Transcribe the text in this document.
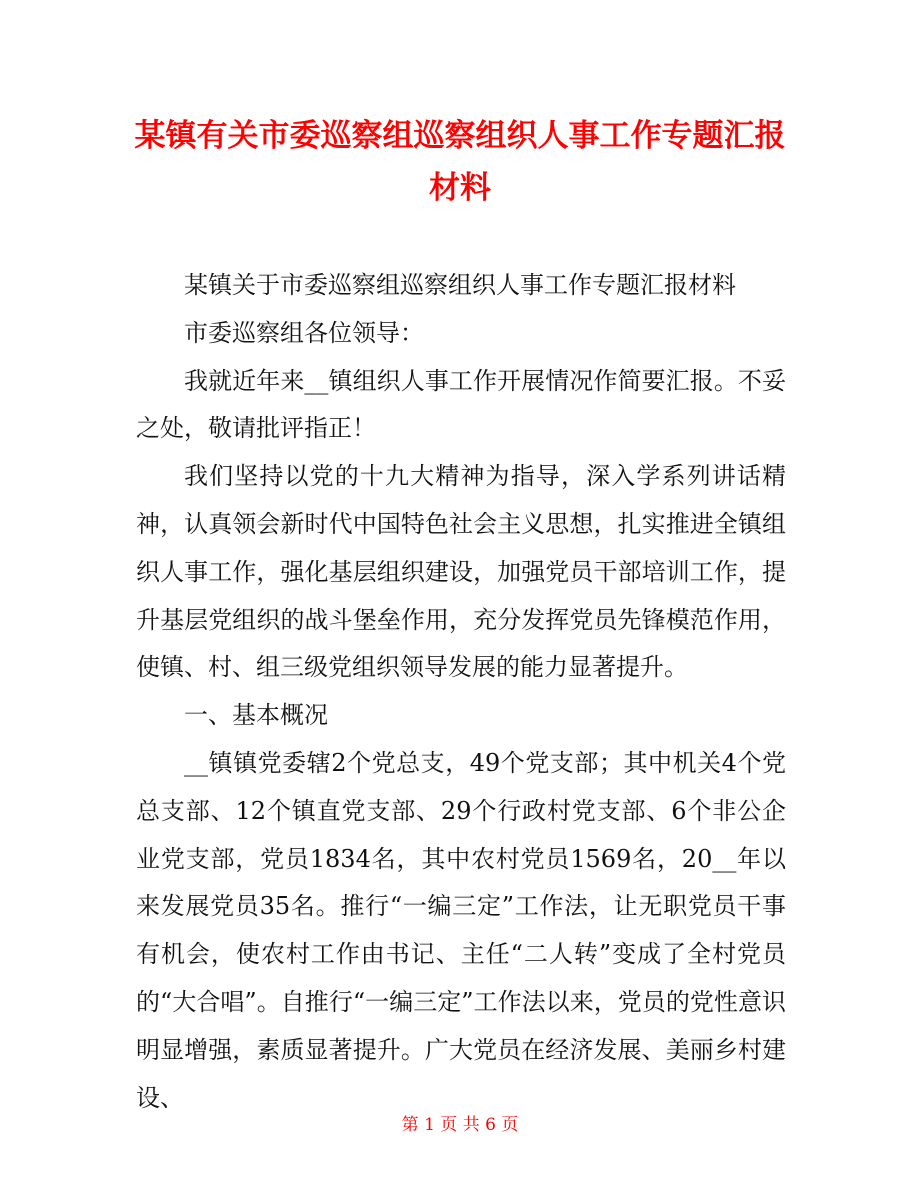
某镇有关市委巡察组巡察组织人事工作专题汇报材料

某镇关于市委巡察组巡察组织人事工作专题汇报材料

市委巡察组各位领导：

我就近年来__镇组织人事工作开展情况作简要汇报。不妥之处，敬请批评指正！

我们坚持以党的十九大精神为指导，深入学系列讲话精神，认真领会新时代中国特色社会主义思想，扎实推进全镇组织人事工作，强化基层组织建设，加强党员干部培训工作，提升基层党组织的战斗堡垒作用，充分发挥党员先锋模范作用，使镇、村、组三级党组织领导发展的能力显著提升。

一、基本概况

__镇镇党委辖2个党总支，49个党支部；其中机关4个党总支部、12个镇直党支部、29个行政村党支部、6个非公企业党支部，党员1834名，其中农村党员1569名，20__年以来发展党员35名。推行“一编三定”工作法，让无职党员干事有机会，使农村工作由书记、主任“二人转”变成了全村党员的“大合唱”。自推行“一编三定”工作法以来，党员的党性意识明显增强，素质显著提升。广大党员在经济发展、美丽乡村建设、

第 1 页 共 6 页
